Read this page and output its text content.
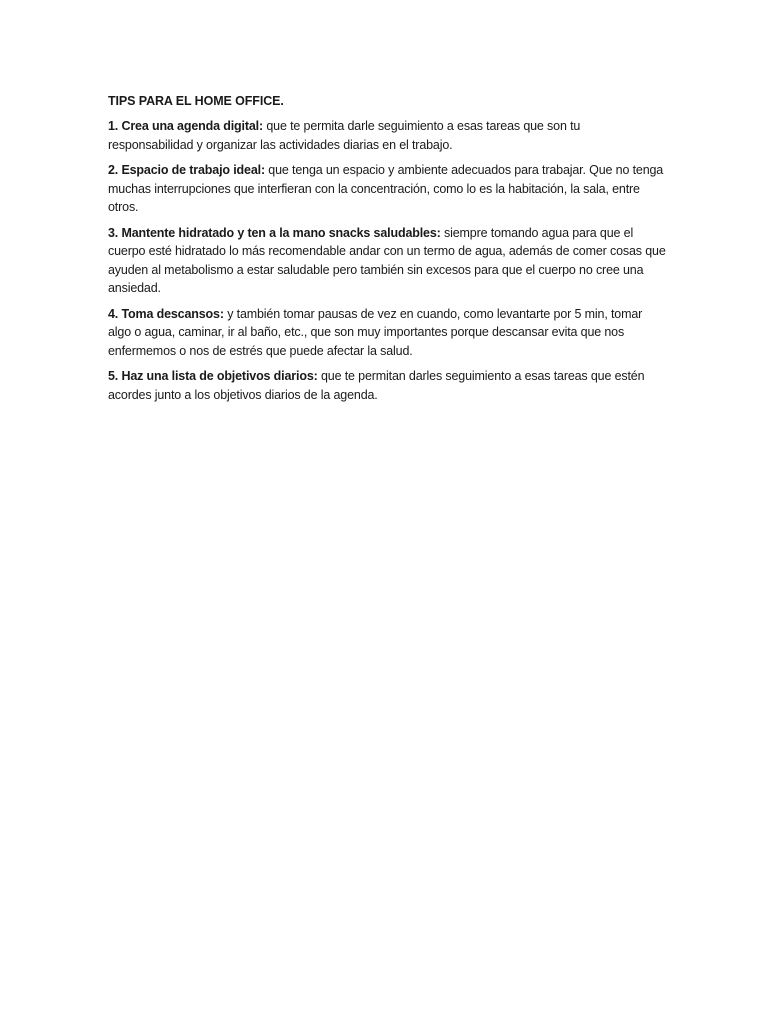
TIPS PARA EL HOME OFFICE.

1. Crea una agenda digital: que te permita darle seguimiento a esas tareas que son tu responsabilidad y organizar las actividades diarias en el trabajo.

2. Espacio de trabajo ideal: que tenga un espacio y ambiente adecuados para trabajar. Que no tenga muchas interrupciones que interfieran con la concentración, como lo es la habitación, la sala, entre otros.

3. Mantente hidratado y ten a la mano snacks saludables: siempre tomando agua para que el cuerpo esté hidratado lo más recomendable andar con un termo de agua, además de comer cosas que ayuden al metabolismo a estar saludable pero también sin excesos para que el cuerpo no cree una ansiedad.

4. Toma descansos: y también tomar pausas de vez en cuando, como levantarte por 5 min, tomar algo o agua, caminar, ir al baño, etc., que son muy importantes porque descansar evita que nos enfermemos o nos de estrés que puede afectar la salud.

5. Haz una lista de objetivos diarios: que te permitan darles seguimiento a esas tareas que estén acordes junto a los objetivos diarios de la agenda.
